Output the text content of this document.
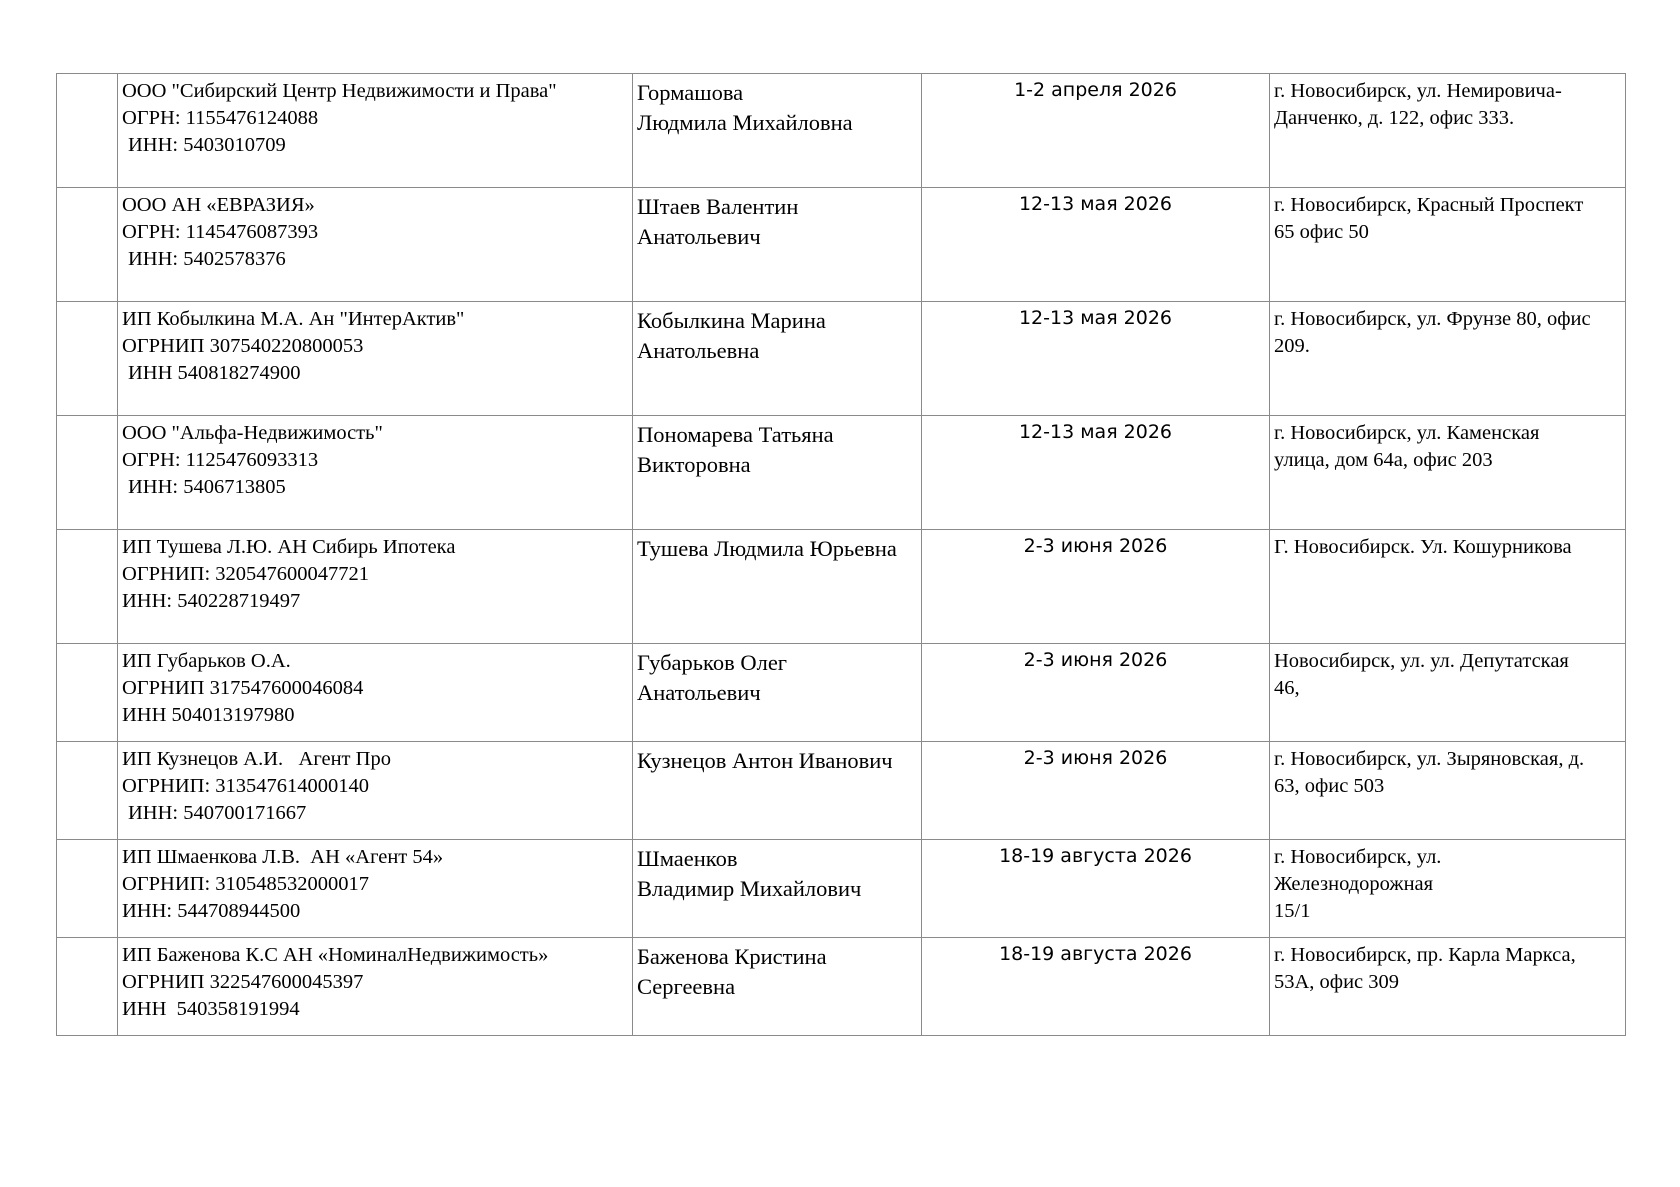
	ООО "Сибирский Центр Недвижимости и Права"
ОГРН: 1155476124088
ИНН: 5403010709	Гормашова
Людмила Михайловна	1-2 апреля 2026	г. Новосибирск, ул. Немировича-
Данченко, д. 122, офис 333.

	ООО АН «ЕВРАЗИЯ»
ОГРН: 1145476087393
ИНН: 5402578376	Штаев Валентин
Анатольевич	12-13 мая 2026	г. Новосибирск, Красный Проспект
65 офис 50

	ИП Кобылкина М.А. Ан "ИнтерАктив"
ОГРНИП 307540220800053
ИНН 540818274900	Кобылкина Марина
Анатольевна	12-13 мая 2026	г. Новосибирск, ул. Фрунзе 80, офис
209.

	ООО "Альфа-Недвижимость"
ОГРН: 1125476093313
ИНН: 5406713805	Пономарева Татьяна
Викторовна	12-13 мая 2026	г. Новосибирск, ул. Каменская
улица, дом 64а, офис 203

	ИП Тушева Л.Ю. АН Сибирь Ипотека
ОГРНИП: 320547600047721
ИНН: 540228719497	Тушева Людмила Юрьевна	2-3 июня 2026	Г. Новосибирск. Ул. Кошурникова

	ИП Губарьков О.А.
ОГРНИП 317547600046084
ИНН 504013197980	Губарьков Олег
Анатольевич	2-3 июня 2026	Новосибирск, ул. ул. Депутатская
46,

	ИП Кузнецов А.И.   Агент Про
ОГРНИП: 313547614000140
ИНН: 540700171667	Кузнецов Антон Иванович	2-3 июня 2026	г. Новосибирск, ул. Зыряновская, д.
63, офис 503

	ИП Шмаенкова Л.В.  АН «Агент 54»
ОГРНИП: 310548532000017
ИНН: 544708944500	Шмаенков
Владимир Михайлович	18-19 августа 2026	г. Новосибирск, ул.
Железнодорожная
15/1

	ИП Баженова К.С АН «НоминалНедвижимость»
ОГРНИП 322547600045397
ИНН  540358191994	Баженова Кристина
Сергеевна	18-19 августа 2026	г. Новосибирск, пр. Карла Маркса,
53А, офис 309
